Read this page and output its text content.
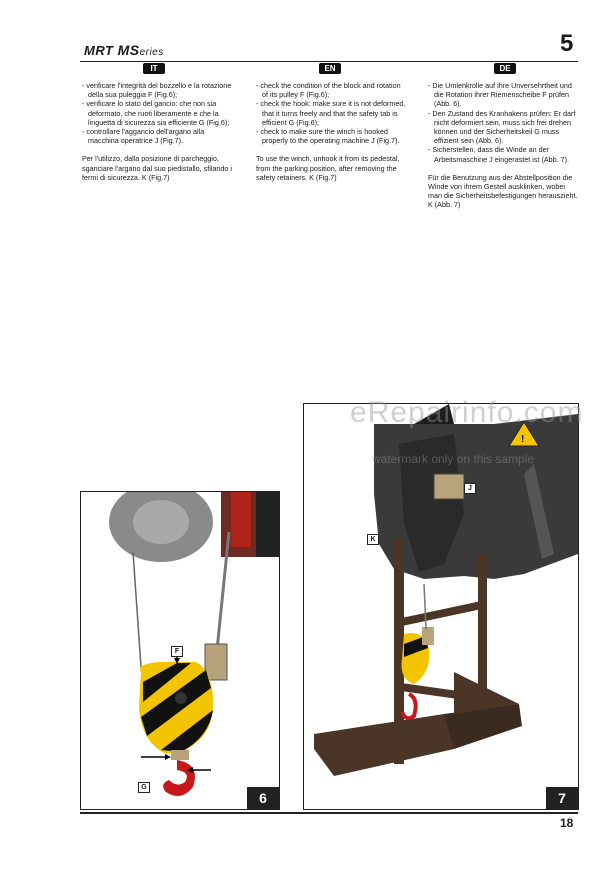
MRT MSeries	5
IT	EN	DE
- verificare l'integrità del bozzello e la rotazione della sua puleggia F (Fig.6);
- verificare lo stato del gancio: che non sia deformato, che ruoti liberamente e che la linguetta di sicurezza sia efficiente G (Fig.6);
- controllare l'aggancio dell'argano alla macchina operatrice J (Fig.7).

Per l'utilizzo, dalla posizione di parcheggio, sganciare l'argano dal suo piedistallo, sfilando i fermi di sicurezza. K (Fig.7)

- check the condition of the block and rotation of its pulley F (Fig.6);
- check the hook: make sure it is not deformed, that it turns freely and that the safety tab is efficient G (Fig.6);
- check to make sure the winch is hooked properly to the operating machine J (Fig.7).

To use the winch, unhook it from its pedestal, from the parking position, after removing the safety retainers. K (Fig.7)

- Die Umlenkrolle auf ihre Unversehrtheit und die Rotation ihrer Riemenscheibe F prüfen (Abb. 6).
- Den Zustand des Kranhakens prüfen: Er darf nicht deformiert sein, muss sich frei drehen können und der Sicherheitskeil G muss effizient sein (Abb. 6).
- Sicherstellen, dass die Winde an der Arbeitsmaschine J eingerastet ist (Abb. 7).

Für die Benutzung aus der Abstellposition die Winde von ihrem Gestell ausklinken, wobei man die Sicherheitsbefestigungen herauszieht. K (Abb. 7)

F
G
6
!
J
K
7
eRepairinfo.com
watermark only on this sample
18
